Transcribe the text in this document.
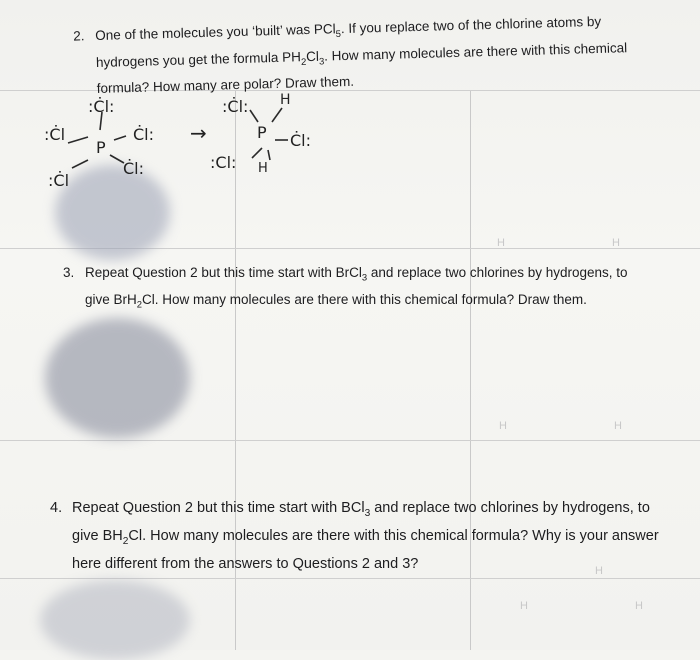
H	H
H	H
H
H	H
2. One of the molecules you ‘built’ was PCl$_5$. If you replace two of the chlorine atoms by
hydrogens you get the formula $PH_2Cl_3$. How many molecules are there with this chemical
formula? How many are polar? Draw them.
:Ċl:
:Ċl	Ċl:
P
Ċl:
:Ċl
→
:Ċl: H
P Ċl:
:Cl: H
3. Repeat Question 2 but this time start with BrCl$_3$ and replace two chlorines by hydrogens, to
give BrH$_2$Cl. How many molecules are there with this chemical formula? Draw them.
4. Repeat Question 2 but this time start with BCl$_3$ and replace two chlorines by hydrogens, to
give $BH_2Cl$. How many molecules are there with this chemical formula? Why is your answer
here different from the answers to Questions 2 and 3?
